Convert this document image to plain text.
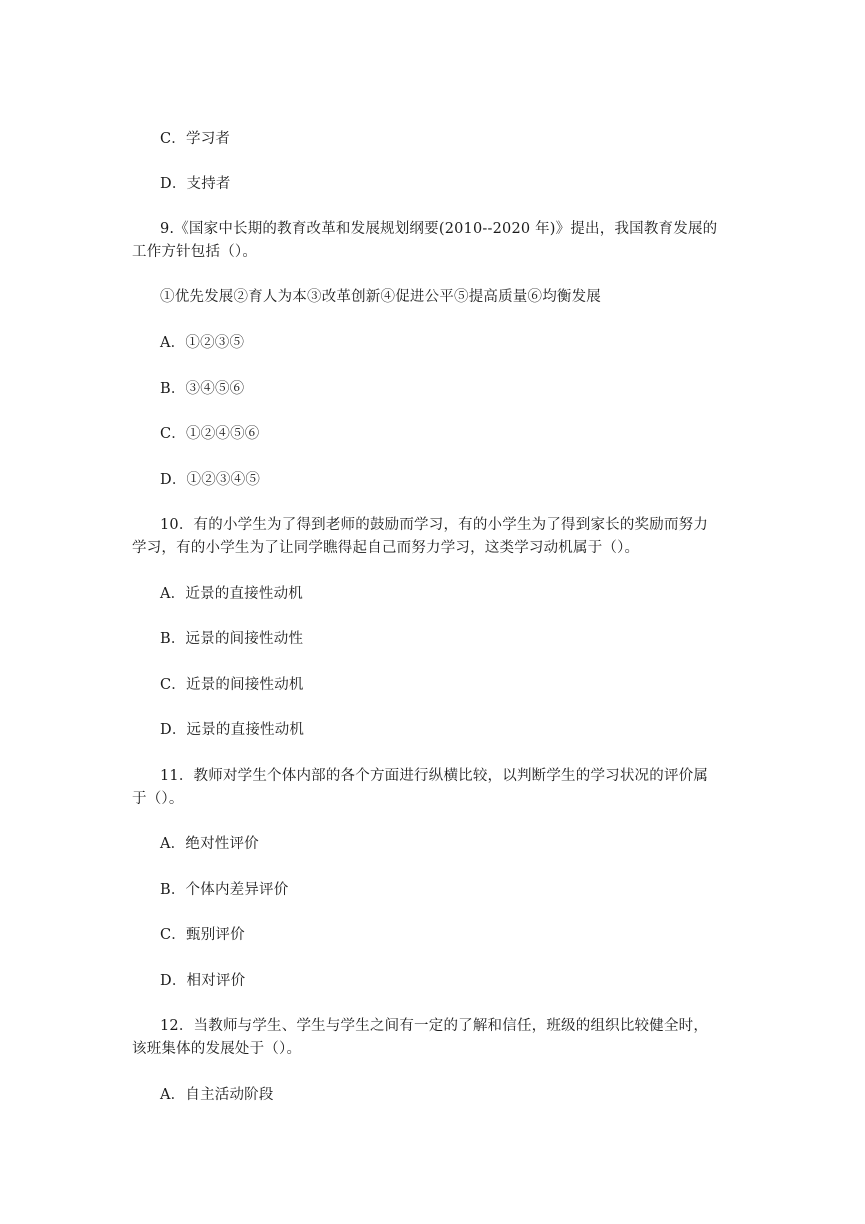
C．学习者
D．支持者
9.《国家中长期的教育改革和发展规划纲要(2010--2020 年)》提出，我国教育发展的
工作方针包括（）。
①优先发展②育人为本③改革创新④促进公平⑤提高质量⑥均衡发展
A．①②③⑤
B．③④⑤⑥
C．①②④⑤⑥
D．①②③④⑤
10．有的小学生为了得到老师的鼓励而学习，有的小学生为了得到家长的奖励而努力
学习，有的小学生为了让同学瞧得起自己而努力学习，这类学习动机属于（）。
A．近景的直接性动机
B．远景的间接性动性
C．近景的间接性动机
D．远景的直接性动机
11．教师对学生个体内部的各个方面进行纵横比较，以判断学生的学习状况的评价属
于（）。
A．绝对性评价
B．个体内差异评价
C．甄别评价
D．相对评价
12．当教师与学生、学生与学生之间有一定的了解和信任，班级的组织比较健全时，
该班集体的发展处于（）。
A．自主活动阶段
